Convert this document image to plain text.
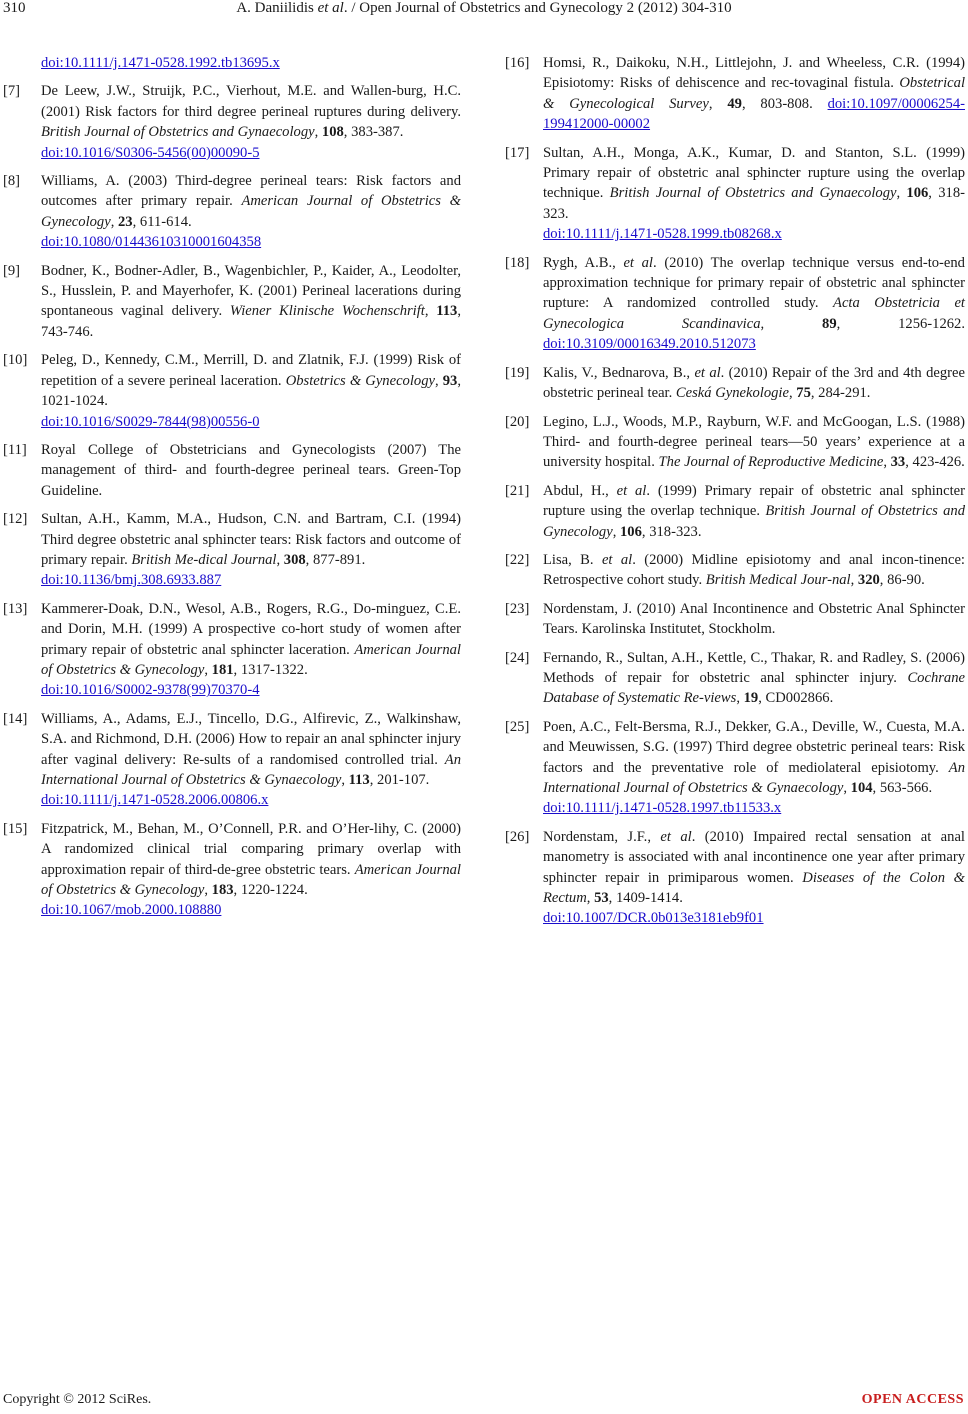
310	A. Daniilidis et al. / Open Journal of Obstetrics and Gynecology 2 (2012) 304-310
doi:10.1111/j.1471-0528.1992.tb13695.x
[7] De Leew, J.W., Struijk, P.C., Vierhout, M.E. and Wallen-burg, H.C. (2001) Risk factors for third degree perineal ruptures during delivery. British Journal of Obstetrics and Gynaecology, 108, 383-387.
doi:10.1016/S0306-5456(00)00090-5
[8] Williams, A. (2003) Third-degree perineal tears: Risk factors and outcomes after primary repair. American Journal of Obstetrics & Gynecology, 23, 611-614.
doi:10.1080/0144361031000160435​8
[9] Bodner, K., Bodner-Adler, B., Wagenbichler, P., Kaider, A., Leodolter, S., Husslein, P. and Mayerhofer, K. (2001) Perineal lacerations during spontaneous vaginal delivery. Wiener Klinische Wochenschrift, 113, 743-746.
[10] Peleg, D., Kennedy, C.M., Merrill, D. and Zlatnik, F.J. (1999) Risk of repetition of a severe perineal laceration. Obstetrics & Gynecology, 93, 1021-1024.
doi:10.1016/S0029-7844(98)00556-0
[11] Royal College of Obstetricians and Gynecologists (2007) The management of third- and fourth-degree perineal tears. Green-Top Guideline.
[12] Sultan, A.H., Kamm, M.A., Hudson, C.N. and Bartram, C.I. (1994) Third degree obstetric anal sphincter tears: Risk factors and outcome of primary repair. British Me-dical Journal, 308, 877-891.
doi:10.1136/bmj.308.6933.887
[13] Kammerer-Doak, D.N., Wesol, A.B., Rogers, R.G., Do-minguez, C.E. and Dorin, M.H. (1999) A prospective co-hort study of women after primary repair of obstetric anal sphincter laceration. American Journal of Obstetrics & Gynecology, 181, 1317-1322.
doi:10.1016/S0002-9378(99)70370-4
[14] Williams, A., Adams, E.J., Tincello, D.G., Alfirevic, Z., Walkinshaw, S.A. and Richmond, D.H. (2006) How to repair an anal sphincter injury after vaginal delivery: Re-sults of a randomised controlled trial. An International Journal of Obstetrics & Gynaecology, 113, 201-107.
doi:10.1111/j.1471-0528.2006.00806.x
[15] Fitzpatrick, M., Behan, M., O’Connell, P.R. and O’Her-lihy, C. (2000) A randomized clinical trial comparing primary overlap with approximation repair of third-de-gree obstetric tears. American Journal of Obstetrics & Gynecology, 183, 1220-1224.
doi:10.1067/mob.2000.108880
[16] Homsi, R., Daikoku, N.H., Littlejohn, J. and Wheeless, C.R. (1994) Episiotomy: Risks of dehiscence and rec-tovaginal fistula. Obstetrical & Gynecological Survey, 49, 803-808. doi:10.1097/00006254-199412000-00002
[17] Sultan, A.H., Monga, A.K., Kumar, D. and Stanton, S.L. (1999) Primary repair of obstetric anal sphincter rupture using the overlap technique. British Journal of Obstetrics and Gynaecology, 106, 318-323.
doi:10.1111/j.1471-0528.1999.tb08268.x
[18] Rygh, A.B., et al. (2010) The overlap technique versus end-to-end approximation technique for primary repair of obstetric anal sphincter rupture: A randomized controlled study. Acta Obstetricia et Gynecologica Scandinavica, 89, 1256-1262. doi:10.3109/00016349.2010.512073
[19] Kalis, V., Bednarova, B., et al. (2010) Repair of the 3rd and 4th degree obstetric perineal tear. Ceská Gynekologie, 75, 284-291.
[20] Legino, L.J., Woods, M.P., Rayburn, W.F. and McGoogan, L.S. (1988) Third- and fourth-degree perineal tears—50 years’ experience at a university hospital. The Journal of Reproductive Medicine, 33, 423-426.
[21] Abdul, H., et al. (1999) Primary repair of obstetric anal sphincter rupture using the overlap technique. British Journal of Obstetrics and Gynecology, 106, 318-323.
[22] Lisa, B. et al. (2000) Midline episiotomy and anal incon-tinence: Retrospective cohort study. British Medical Jour-nal, 320, 86-90.
[23] Nordenstam, J. (2010) Anal Incontinence and Obstetric Anal Sphincter Tears. Karolinska Institutet, Stockholm.
[24] Fernando, R., Sultan, A.H., Kettle, C., Thakar, R. and Radley, S. (2006) Methods of repair for obstetric anal sphincter injury. Cochrane Database of Systematic Re-views, 19, CD002866.
[25] Poen, A.C., Felt-Bersma, R.J., Dekker, G.A., Deville, W., Cuesta, M.A. and Meuwissen, S.G. (1997) Third degree obstetric perineal tears: Risk factors and the preventative role of mediolateral episiotomy. An International Journal of Obstetrics & Gynaecology, 104, 563-566.
doi:10.1111/j.1471-0528.1997.tb11533.x
[26] Nordenstam, J.F., et al. (2010) Impaired rectal sensation at anal manometry is associated with anal incontinence one year after primary sphincter repair in primiparous women. Diseases of the Colon & Rectum, 53, 1409-1414.
doi:10.1007/DCR.0b013e3181eb9f01
Copyright © 2012 SciRes.	OPEN ACCESS
